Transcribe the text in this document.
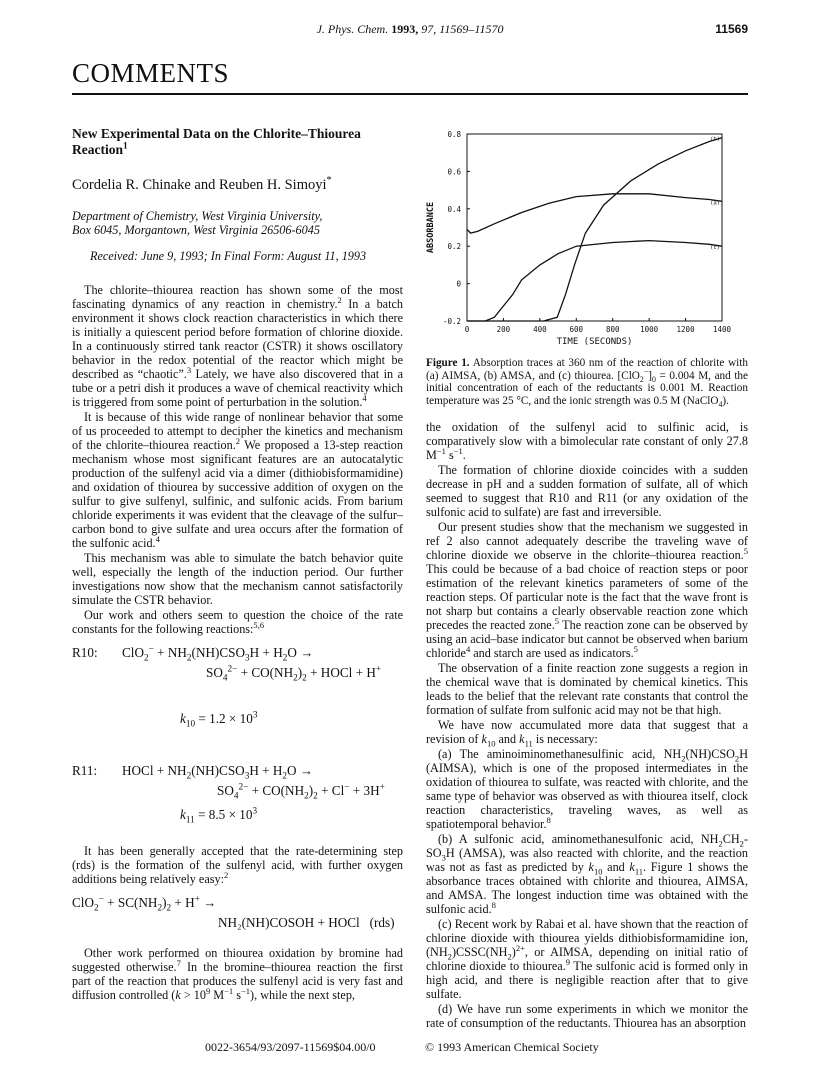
J. Phys. Chem. 1993, 97, 11569–11570	11569
COMMENTS
New Experimental Data on the Chlorite–Thiourea Reaction$^1$
Cordelia R. Chinake and Reuben H. Simoyi*
Department of Chemistry, West Virginia University,
Box 6045, Morgantown, West Virginia 26506-6045
Received: June 9, 1993; In Final Form: August 11, 1993

The chlorite–thiourea reaction has shown some of the most fascinating dynamics of any reaction in chemistry.$^2$ In a batch environment it shows clock reaction characteristics in which there is initially a quiescent period before formation of chlorine dioxide. In a continuously stirred tank reactor (CSTR) it shows oscillatory behavior in the redox potential of the reactor which might be described as “chaotic”.$^3$ Lately, we have also discovered that in a tube or a petri dish it produces a wave of chemical reactivity which is triggered from some point of perturbation in the solution.$^4$

It is because of this wide range of nonlinear behavior that some of us proceeded to attempt to decipher the kinetics and mechanism of the chlorite–thiourea reaction.$^2$ We proposed a 13-step reaction mechanism whose most significant features are an autocatalytic production of the sulfenyl acid via a dimer (dithiobisformamidine) and oxidation of thiourea by successive addition of oxygen on the sulfur to give sulfenyl, sulfinic, and sulfonic acids. From barium chloride experiments it was evident that the cleavage of the sulfur–carbon bond to give sulfate and urea occurs after the formation of the sulfonic acid.$^4$

This mechanism was able to simulate the batch behavior quite well, especially the length of the induction period. Our further investigations now show that the mechanism cannot satisfactorily simulate the CSTR behavior.

Our work and others seem to question the choice of the rate constants for the following reactions:$^{5,6}$

R10: $ClO_2^- + NH_2(NH)CSO_3H + H_2O$ →
$SO_4^{2-} + CO(NH_2)_2$ + HOCl + H+
$k_{10} = 1.2 \times 10^3$
R11: HOCl + $NH_2(NH)CSO_3H + H_2O$ →
$SO_4^{2-} + CO(NH_2)_2 + Cl^- + 3H^+$
$k_{11} = 8.5 \times 10^3$

It has been generally accepted that the rate-determining step (rds) is the formation of the sulfenyl acid, with further oxygen additions being relatively easy:$^2$

$ClO_2^- + SC(NH_2)_2 + H^+$ →
NH₂(NH)COSOH + HOCl   (rds)

Other work performed on thiourea oxidation by bromine had suggested otherwise.$^7$ In the bromine–thiourea reaction the first part of the reaction that produces the sulfenyl acid is very fast and diffusion controlled ($k > 10^9$ $M^{-1}$ $s^{-1}$), while the next step,

0	200	400	600	800	1000 1200 1400
-0.2
0
0.2
0.4
0.6
0.8
TIME (SECONDS)
ABSORBANCE
(b)
(a)
(c)
Figure 1. Absorption traces at 360 nm of the reaction of chlorite with (a) AIMSA, (b) AMSA, and (c) thiourea. $[ClO_2^-]_0 = 0.004$ M, and the initial concentration of each of the reductants is 0.001 M. Reaction temperature was 25 °C, and the ionic strength was 0.5 M (NaClO$_4$).

the oxidation of the sulfenyl acid to sulfinic acid, is comparatively slow with a bimolecular rate constant of only 27.8 $M^{-1}$ $s^{-1}$.

The formation of chlorine dioxide coincides with a sudden decrease in pH and a sudden formation of sulfate, all of which seemed to suggest that R10 and R11 (or any oxidation of the sulfonic acid to sulfate) are fast and irreversible.

Our present studies show that the mechanism we suggested in ref 2 also cannot adequately describe the traveling wave of chlorine dioxide we observe in the chlorite–thiourea reaction.$^5$ This could be because of a bad choice of reaction steps or poor estimation of the relevant kinetics parameters of some of the reaction steps. Of particular note is the fact that the wave front is not sharp but contains a clearly observable reaction zone which precedes the reacted zone.$^5$ The reaction zone can be observed by using an acid–base indicator but cannot be observed when barium chloride$^4$ and starch are used as indicators.$^5$

The observation of a finite reaction zone suggests a region in the chemical wave that is dominated by chemical kinetics. This leads to the belief that the relevant rate constants that control the formation of sulfate from sulfonic acid may not be that high.

We have now accumulated more data that suggest that a revision of $k_{10}$ and $k_{11}$ is necessary:

(a) The aminoiminomethanesulfinic acid, $NH_2(NH)CSO_2H$ (AIMSA), which is one of the proposed intermediates in the oxidation of thiourea to sulfate, was reacted with chlorite, and the same type of behavior was observed as with thiourea itself, clock reaction characteristics, traveling waves, as well as spatiotemporal behavior.$^8$

(b) A sulfonic acid, aminomethanesulfonic acid, $NH_2CH_2-SO_3H$ (AMSA), was also reacted with chlorite, and the reaction was not as fast as predicted by $k_{10}$ and $k_{11}$. Figure 1 shows the absorbance traces obtained with chlorite and thiourea, AIMSA, and AMSA. The longest induction time was obtained with the sulfonic acid.$^8$

(c) Recent work by Rabai et al. have shown that the reaction of chlorine dioxide with thiourea yields dithiobisformamidine ion, $(NH_2)CSSC(NH_2)^{2+}$, or AIMSA, depending on initial ratio of chlorine dioxide to thiourea.$^9$ The sulfonic acid is formed only in high acid, and there is negligible reaction after that to give sulfate.

(d) We have run some experiments in which we monitor the rate of consumption of the reductants. Thiourea has an absorption

0022-3654/93/2097-11569$04.00/0	© 1993 American Chemical Society
